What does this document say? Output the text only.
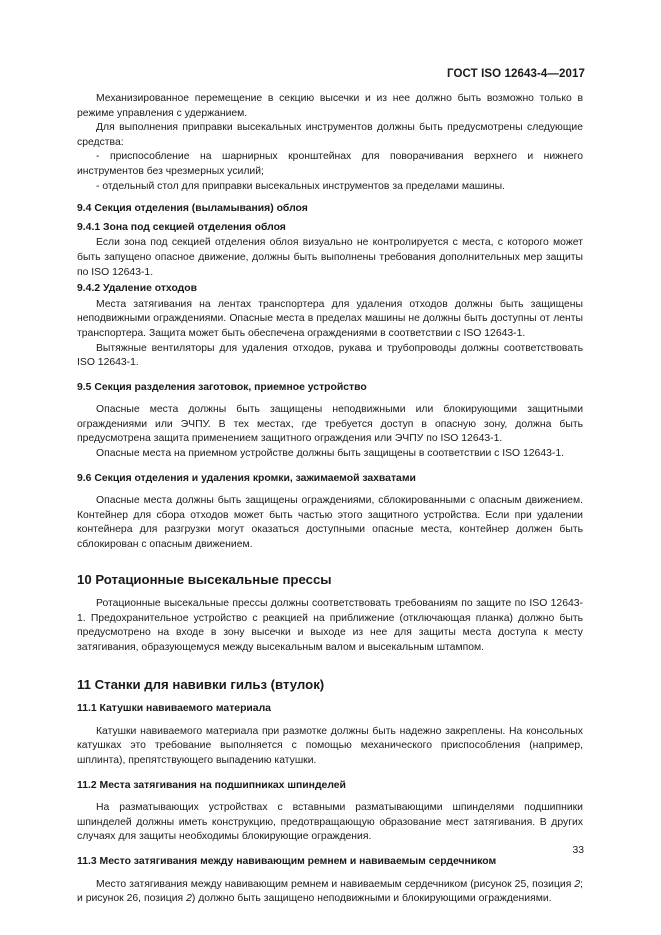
ГОСТ ISO 12643-4—2017

Механизированное перемещение в секцию высечки и из нее должно быть возможно только в режиме управления с удержанием.

Для выполнения приправки высекальных инструментов должны быть предусмотрены следующие средства:

- приспособление на шарнирных кронштейнах для поворачивания верхнего и нижнего инструментов без чрезмерных усилий;

- отдельный стол для приправки высекальных инструментов за пределами машины.

9.4 Секция отделения (выламывания) облоя

9.4.1 Зона под секцией отделения облоя

Если зона под секцией отделения облоя визуально не контролируется с места, с которого может быть запущено опасное движение, должны быть выполнены требования дополнительных мер защиты по ISO 12643-1.

9.4.2 Удаление отходов

Места затягивания на лентах транспортера для удаления отходов должны быть защищены неподвижными ограждениями. Опасные места в пределах машины не должны быть доступны от ленты транспортера. Защита может быть обеспечена ограждениями в соответствии с ISO 12643-1.

Вытяжные вентиляторы для удаления отходов, рукава и трубопроводы должны соответствовать ISO 12643-1.

9.5 Секция разделения заготовок, приемное устройство

Опасные места должны быть защищены неподвижными или блокирующими защитными ограждениями или ЭЧПУ. В тех местах, где требуется доступ в опасную зону, должна быть предусмотрена защита применением защитного ограждения или ЭЧПУ по ISO 12643-1.

Опасные места на приемном устройстве должны быть защищены в соответствии с ISO 12643-1.

9.6 Секция отделения и удаления кромки, зажимаемой захватами

Опасные места должны быть защищены ограждениями, сблокированными с опасным движением. Контейнер для сбора отходов может быть частью этого защитного устройства. Если при удалении контейнера для разгрузки могут оказаться доступными опасные места, контейнер должен быть сблокирован с опасным движением.

10 Ротационные высекальные прессы

Ротационные высекальные прессы должны соответствовать требованиям по защите по ISO 12643-1. Предохранительное устройство с реакцией на приближение (отключающая планка) должно быть предусмотрено на входе в зону высечки и выходе из нее для защиты места доступа к месту затягивания, образующемуся между высекальным валом и высекальным штампом.

11 Станки для навивки гильз (втулок)

11.1 Катушки навиваемого материала

Катушки навиваемого материала при размотке должны быть надежно закреплены. На консольных катушках это требование выполняется с помощью механического приспособления (например, шплинта), препятствующего выпадению катушки.

11.2 Места затягивания на подшипниках шпинделей

На разматывающих устройствах с вставными разматывающими шпинделями подшипники шпинделей должны иметь конструкцию, предотвращающую образование мест затягивания. В других случаях для защиты необходимы блокирующие ограждения.

11.3 Место затягивания между навивающим ремнем и навиваемым сердечником

Место затягивания между навивающим ремнем и навиваемым сердечником (рисунок 25, позиция 2; и рисунок 26, позиция 2) должно быть защищено неподвижными и блокирующими ограждениями.

33
